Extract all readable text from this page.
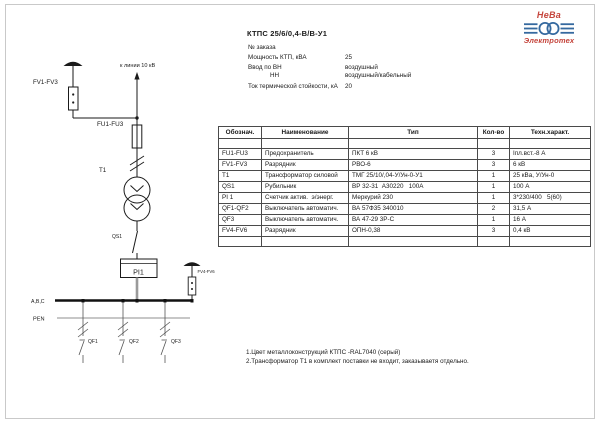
к линии 10 кВ
FV1-FV3
FU1-FU3
T1
QS1
PI1
А,В,С
PEN
FV4-FV6
QF1	QF2	QF3
НеВа
Электротех
КТПС 25/6/0,4-В/В-У1
№ заказа
Мощность КТП, кВА	25
Ввод по ВН	воздушный
НН	воздушный/кабельный
Ток термической стойкости, кА	20
Обознач.	Наименование	Тип	Кол-во	Техн.характ.

FU1-FU3	Предохранитель	ПКТ 6 кВ	3	Iпл.вст.-8 А
FV1-FV3	Разрядник	РВО-6	3	6 кВ
T1	Трансформатор силовой	ТМГ 25/10/,04-У/Ун-0-У1	1	25 кВа, У/Ун-0
QS1	Рубильник	ВР 32-31  А30220   100А	1	100 А
PI 1	Счетчик актив.  э/энерг.	Меркурий 230	1	3*230/400   5(60)
QF1-QF2	Выключатель автоматич.	ВА 57Ф35 340010	2	31,5 А
QF3	Выключатель автоматич.	ВА 47-29 3Р-С	1	16 А
FV4-FV6	Разрядник	ОПН-0,38	3	0,4 кВ

1.Цвет металлоконструкций КТПС -RAL7040 (серый)
2.Трансформатор Т1 в комплект поставки не входит, заказываетя отдельно.
